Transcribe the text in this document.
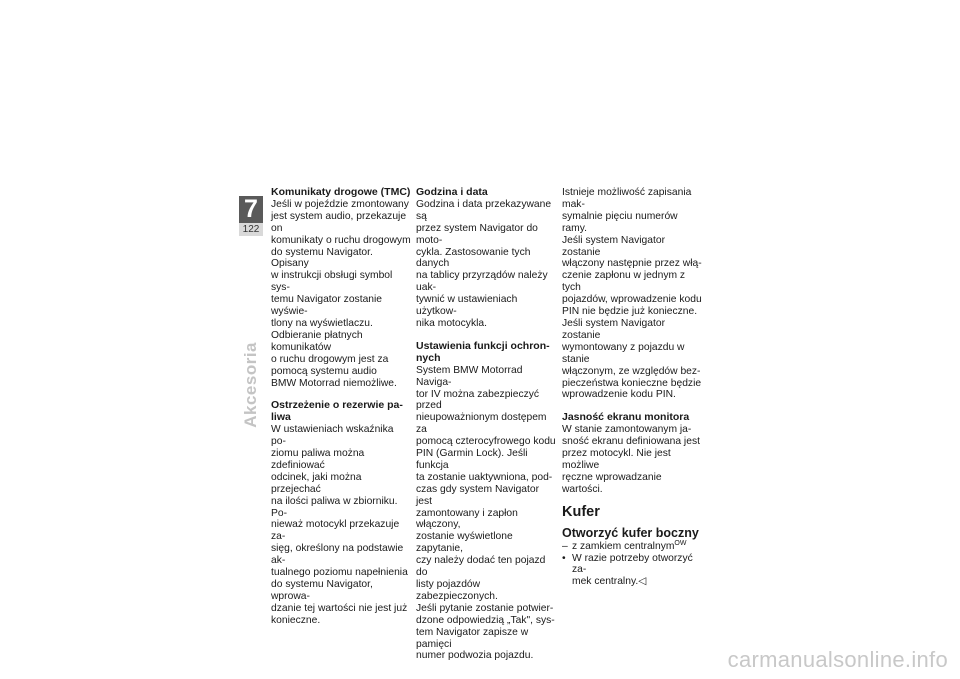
7
122
Akcesoria
Komunikaty drogowe (TMC)

Jeśli w pojeździe zmontowany
jest system audio, przekazuje on
komunikaty o ruchu drogowym
do systemu Navigator. Opisany
w instrukcji obsługi symbol sys-
temu Navigator zostanie wyświe-
tlony na wyświetlaczu.

Odbieranie płatnych komunikatów
o ruchu drogowym jest za
pomocą systemu audio
BMW Motorrad niemożliwe.

Ostrzeżenie o rezerwie pa-
liwa

W ustawieniach wskaźnika po-
ziomu paliwa można zdefiniować
odcinek, jaki można przejechać
na ilości paliwa w zbiorniku. Po-
nieważ motocykl przekazuje za-
sięg, określony na podstawie ak-
tualnego poziomu napełnienia
do systemu Navigator, wprowa-
dzanie tej wartości nie jest już
konieczne.

Godzina i data

Godzina i data przekazywane są
przez system Navigator do moto-
cykla. Zastosowanie tych danych
na tablicy przyrządów należy uak-
tywnić w ustawieniach użytkow-
nika motocykla.

Ustawienia funkcji ochron-
nych

System BMW Motorrad Naviga-
tor IV można zabezpieczyć przed
nieupoważnionym dostępem za
pomocą czterocyfrowego kodu
PIN (Garmin Lock). Jeśli funkcja
ta zostanie uaktywniona, pod-
czas gdy system Navigator jest
zamontowany i zapłon włączony,
zostanie wyświetlone zapytanie,
czy należy dodać ten pojazd do
listy pojazdów zabezpieczonych.
Jeśli pytanie zostanie potwier-
dzone odpowiedzią „Tak", sys-
tem Navigator zapisze w pamięci
numer podwozia pojazdu.

Istnieje możliwość zapisania mak-
symalnie pięciu numerów ramy.

Jeśli system Navigator zostanie
włączony następnie przez włą-
czenie zapłonu w jednym z tych
pojazdów, wprowadzenie kodu
PIN nie będzie już konieczne.

Jeśli system Navigator zostanie
wymontowany z pojazdu w stanie
włączonym, ze względów bez-
pieczeństwa konieczne będzie
wprowadzenie kodu PIN.

Jasność ekranu monitora

W stanie zamontowanym ja-
sność ekranu definiowana jest
przez motocykl. Nie jest możliwe
ręczne wprowadzanie wartości.

Kufer
Otworzyć kufer boczny
– z zamkiem centralnym$^{OW}$
• W razie potrzeby otworzyć za-
mek centralny.◁
carmanualsonline.info
